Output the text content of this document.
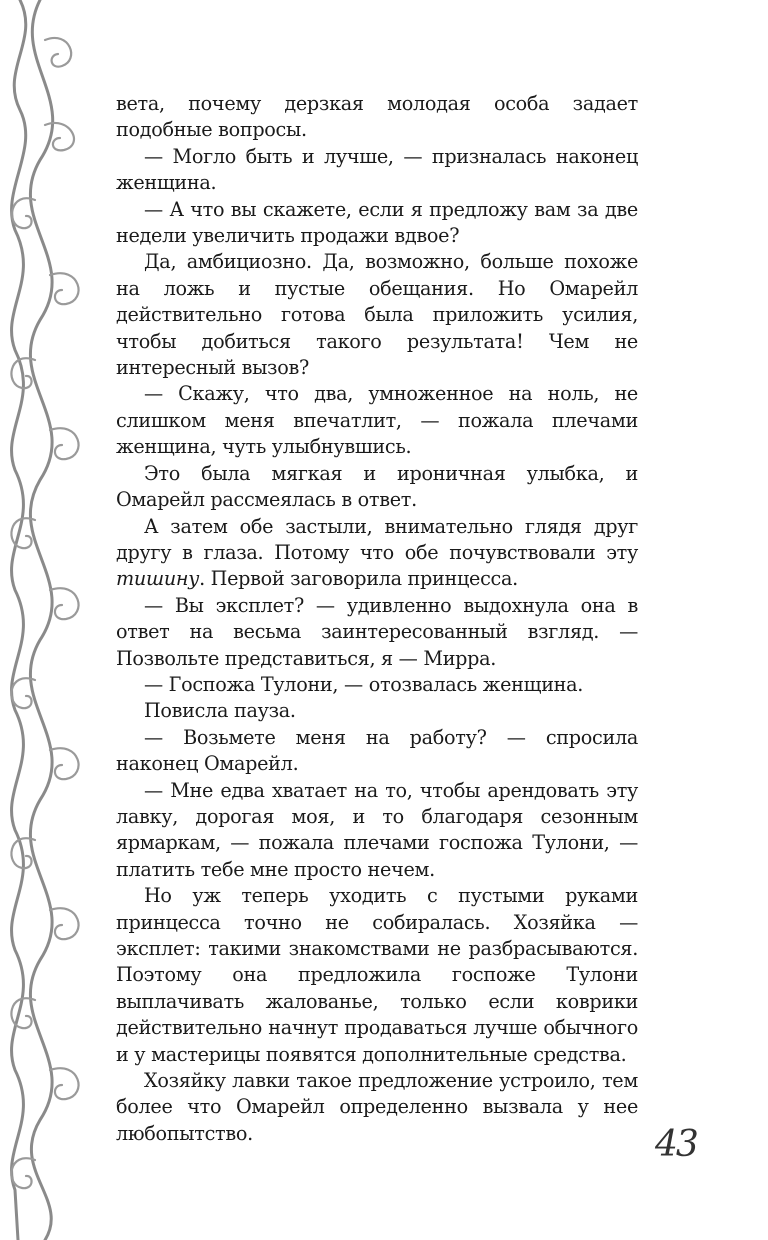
вета, почему дерзкая молодая особа задает подобные вопросы.

— Могло быть и лучше, — призналась наконец женщина.

— А что вы скажете, если я предложу вам за две недели увеличить продажи вдвое?

Да, амбициозно. Да, возможно, больше похоже на ложь и пустые обещания. Но Омарейл действительно готова была приложить усилия, чтобы добиться такого результата! Чем не интересный вызов?

— Скажу, что два, умноженное на ноль, не слишком меня впечатлит, — пожала плечами женщина, чуть улыбнувшись.

Это была мягкая и ироничная улыбка, и Омарейл рассмеялась в ответ.

А затем обе застыли, внимательно глядя друг другу в глаза. Потому что обе почувствовали эту тишину. Первой заговорила принцесса.

— Вы эксплет? — удивленно выдохнула она в ответ на весьма заинтересованный взгляд. — Позвольте представиться, я — Мирра.

— Госпожа Тулони, — отозвалась женщина.

Повисла пауза.

— Возьмете меня на работу? — спросила наконец Омарейл.

— Мне едва хватает на то, чтобы арендовать эту лавку, дорогая моя, и то благодаря сезонным ярмаркам, — пожала плечами госпожа Тулони, — платить тебе мне просто нечем.

Но уж теперь уходить с пустыми руками принцесса точно не собиралась. Хозяйка — эксплет: такими знакомствами не разбрасываются. Поэтому она предложила госпоже Тулони выплачивать жалованье, только если коврики действительно начнут продаваться лучше обычного и у мастерицы появятся дополнительные средства.

Хозяйку лавки такое предложение устроило, тем более что Омарейл определенно вызвала у нее любопытство.	43
